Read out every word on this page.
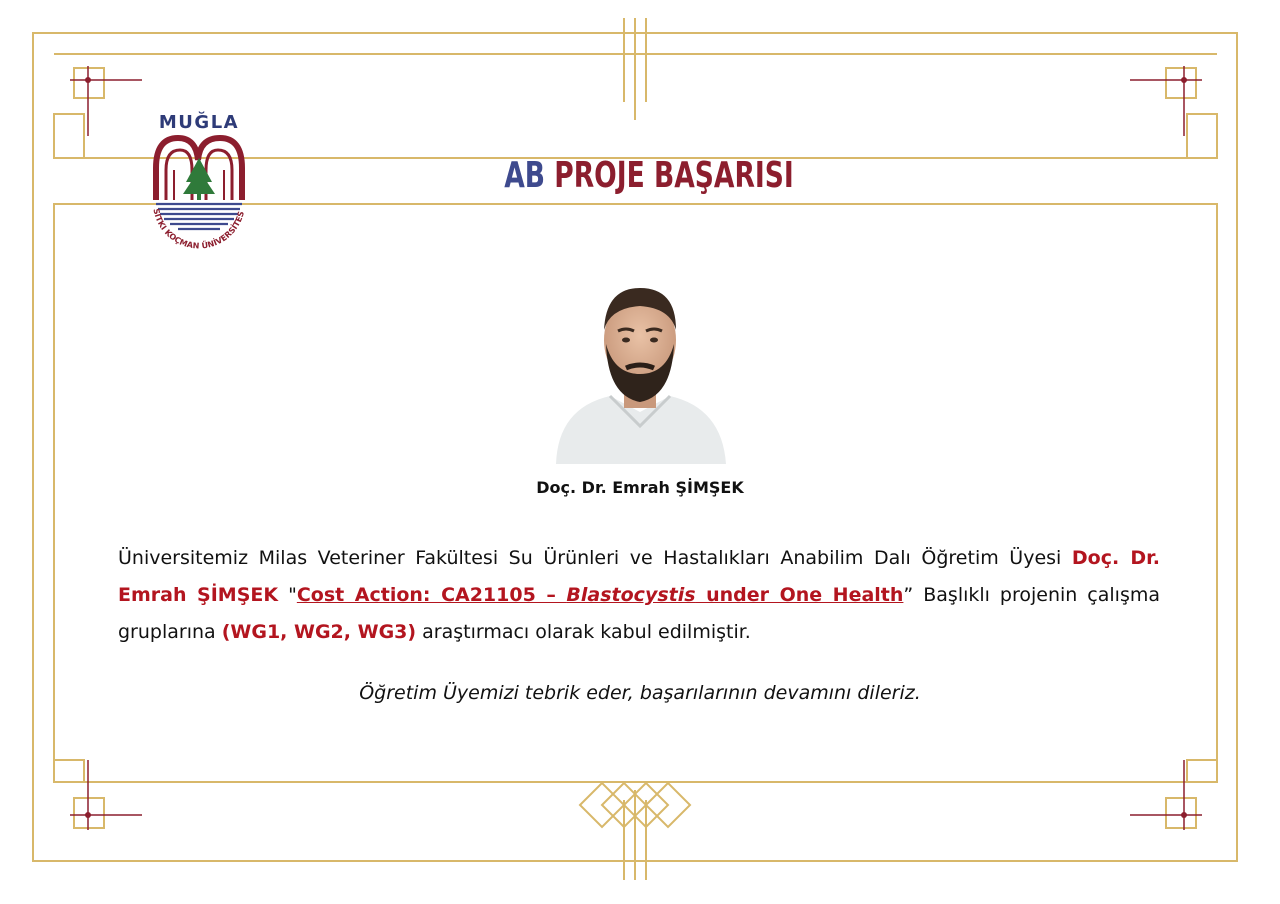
MUĞLA
SITKI KOÇMAN ÜNİVERSİTES
AB PROJE BAŞARISI
Doç. Dr. Emrah ŞİMŞEK
Üniversitemiz Milas Veteriner Fakültesi Su Ürünleri ve Hastalıkları Anabilim Dalı Öğretim Üyesi Doç. Dr. Emrah ŞİMŞEK "Cost Action: CA21105 – Blastocystis under One Health” Başlıklı projenin çalışma gruplarına (WG1, WG2, WG3) araştırmacı olarak kabul edilmiştir.
Öğretim Üyemizi tebrik eder, başarılarının devamını dileriz.
